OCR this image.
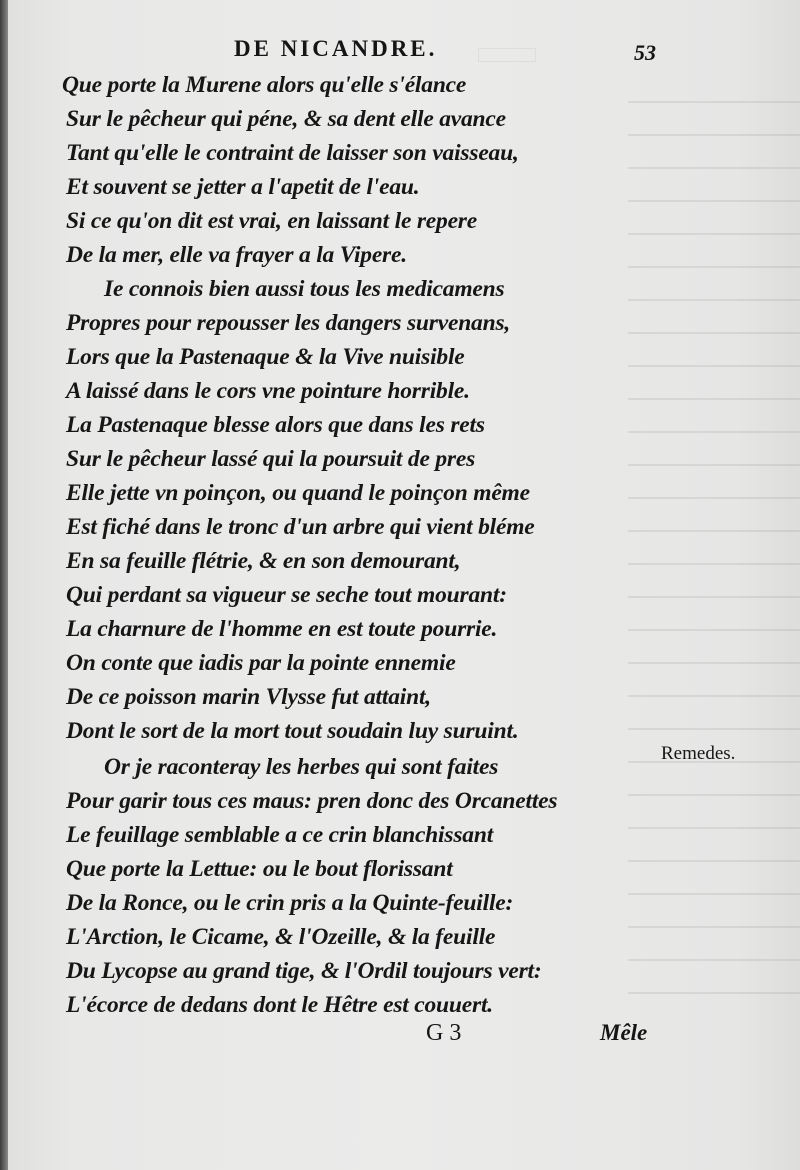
DE NICANDRE.	53
Que porte la Murene alors qu'elle s'élance
Sur le pêcheur qui péne, & sa dent elle avance
Tant qu'elle le contraint de laisser son vaisseau,
Et souvent se jetter a l'apetit de l'eau.
Si ce qu'on dit est vrai, en laissant le repere
De la mer, elle va frayer a la Vipere.
Ie connois bien aussi tous les medicamens
Propres pour repousser les dangers survenans,
Lors que la Pastenaque & la Vive nuisible
A laissé dans le cors vne pointure horrible.
La Pastenaque blesse alors que dans les rets
Sur le pêcheur lassé qui la poursuit de pres
Elle jette vn poinçon, ou quand le poinçon même
Est fiché dans le tronc d'un arbre qui vient bléme
En sa feuille flétrie, & en son demourant,
Qui perdant sa vigueur se seche tout mourant:
La charnure de l'homme en est toute pourrie.
On conte que iadis par la pointe ennemie
De ce poisson marin Vlysse fut attaint,
Dont le sort de la mort tout soudain luy suruint.
Or je raconteray les herbes qui sont faites
Pour garir tous ces maus: pren donc des Orcanettes
Le feuillage semblable a ce crin blanchissant
Que porte la Lettue: ou le bout florissant
De la Ronce, ou le crin pris a la Quinte-feuille:
L'Arction, le Cicame, & l'Ozeille, & la feuille
Du Lycopse au grand tige, & l'Ordil toujours vert:
L'écorce de dedans dont le Hêtre est couuert.
Remedes.
G 3	Mêle
